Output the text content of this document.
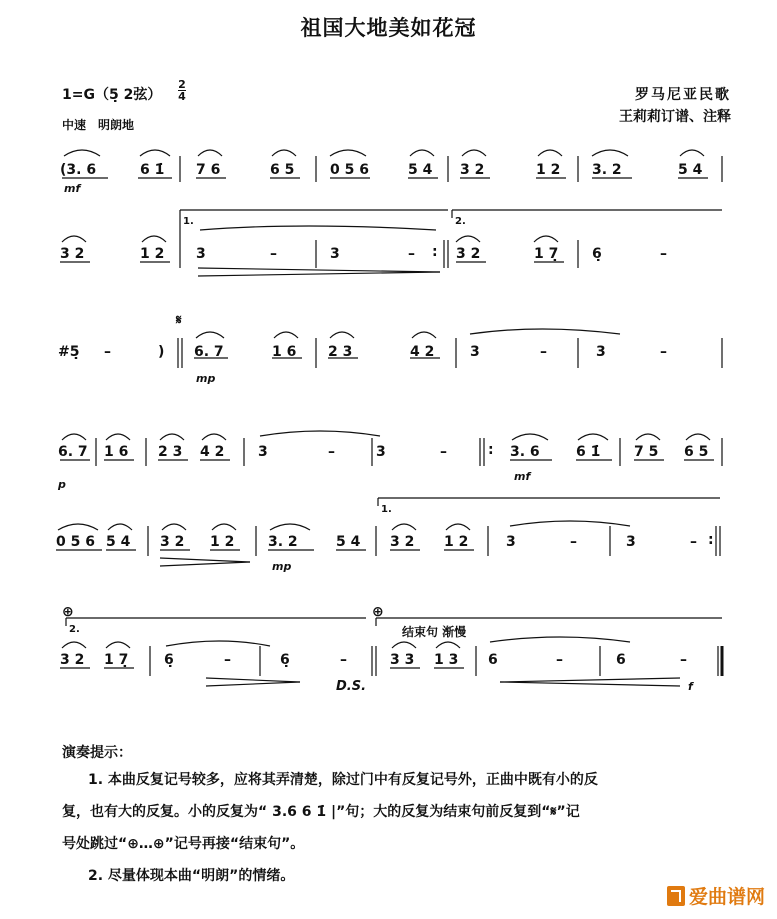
祖国大地美如花冠
1=G（5̣ 2弦）
2
4
中速　明朗地
罗马尼亚民歌
王莉莉订谱、注释
(3. 6	6 1̇ 7 6	6 5	0 5 6	5 4 3 2	1 2 3. 2	5 4
3 2	1 2 3	–	3	– : 3 2	1 7̣ 6̣	–
#5̣ –	) 6. 7	1 6 2 3	4 2	3	–	3	–
6. 7 1 6 2 3 4 2 3	–	3	–	: 3. 6	6 1̇ 7 5 6 5
0 5 6 5 4 3 2 1 2 3. 2	5 4 3 2 1 2	3	–	3	– :
3 2 1 7̣	6̣	–	6̣	–	3 3 1 3 6	–	6	–
mf
mp
p
mf
mp
f
D.S.
1.	2.
1.
2.
𝄋
⊕	⊕
结束句 渐慢
演奏提示：
1. 本曲反复记号较多，应将其弄清楚，除过门中有反复记号外，正曲中既有小的反
复，也有大的反复。小的反复为“ 3.6 6 1̇ |”句；大的反复为结束句前反复到“𝄋”记
号处跳过“⊕…⊕”记号再接“结束句”。
2. 尽量体现本曲“明朗”的情绪。
爱曲谱网
